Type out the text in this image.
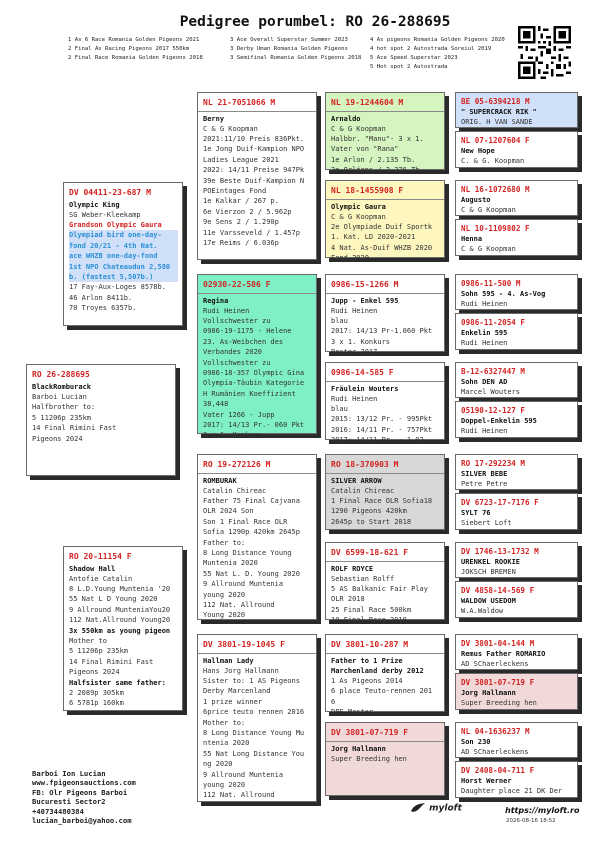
Pedigree porumbel: RO 26-288695
1 As 6 Race Romania Golden Pigeons 2021
2 Final As Racing Pigeons 2017 550km
2 Final Race Romania Golden Pigeons 2018
3 Ace Overall Superstar Summer 2023
3 Derby Uman Romania Golden Pigeons
3 Semifinal Romania Golden Pigeons 2018
4 As pigeons Romania Golden Pigeons 2020
4 hot spot 2 Autostrada Soreiul 2019
5 Ace Speed Superstar 2023
5 Hot spot 2 Autostrada
RO 26-288695
BlackRomburack
Barboi Lucian
Halfbrother to:
5 11206p 235km
14 Final Rimini Fast
Pigeons 2024
DV 04411-23-687 M
Olympic King
SG Weber-Kleekamp
Grandson Olympic Gaura
Olympiad bird one-day-
fond 20/21 - 4th Nat.
ace WHZB one-day-fond
1st NPO Chateaudun 2,580
b. (fastest 5,507b.)
17 Fay-Aux-Loges 8578b.
46 Arlon 8411b.
70 Troyes 6357b.
RO 20-11154 F
Shadow Hall
Antofie Catalin
8 L.D.Young Muntenia '20
55 Nat L D Young 2020
9 Allround MunteniaYou20
112 Nat.Allround Young20
3x 550km as young pigeon
Mother to
5 11206p 235km
14 Final Rimini Fast
Pigeons 2024
Halfsister same father:
2 2089p 305km
6 5781p 160km
NL 21-7051066 M
Berny
C & G Koopman
2021:11/10 Preis 836Pkt.
1e Jong Duif-Kampion NPO
Ladies League 2021
2022: 14/11 Preise 947Pk
39e Beste Duif-Kampion N
POEintages Fond
1e Kalkar / 267 p.
6e Vierzon 2 / 5.962p
9e Sens 2 / 1.290p
11e Varsseveld / 1.457p
17e Reims / 6.036p
02930-22-586 F
Regina
Rudi Heinen
Vollschwester zu
0986-19-1175 - Helene
23. As-Weibchen des
Verbandes 2020
Vollschwester zu
0986-18-357 Olympic Gina
Olympia-Täubin Kategorie
H Rumänien Koeffizient
38,448
Vater 1266 - Jupp
2017: 14/13 Pr.- 060 Pkt
3 x 1. Konkurs
RO 19-272126 M
ROMBURAK
Catalin Chireac
Father 75 Final Cajvana
OLR 2024 Son
Son 1 Final Race OLR
Sofia 1290p 420km 2645p
Father to:
8 Long Distance Young
Muntenia 2020
55 Nat L. D. Young 2020
9 Allround Muntenia
young 2020
112 Nat. Allround
Young 2020
DV 3801-19-1045 F
Hallman Lady
Hans Jorg Hallmann
Sister to: 1 AS Pigeons
Derby Marcenland
1 prize winner
6price teuto rennen 2016
Mother to:
8 Long Distance Young Mu
ntenia 2020
55 Nat Long Distance You
ng 2020
9 Allround Muntenia
young 2020
112 Nat. Allround
NL 19-1244604 M
Arnaldo
C & G Koopman
Halbbr. "Manu"- 3 x 1.
Vater von "Rana"
1e Arlon / 2.135 Tb.
2e Orléans / 2.276 Tb.
NL 18-1455908 F
Olympic Gaura
C & G Koopman
2e Olympiade Duif Sportk
1. Kat. LD 2020-2021
4 Nat. As-Duif WHZB 2020
Fond 2020
0986-15-1266 M
Jupp - Enkel 595
Rudi Heinen
blau
2017: 14/13 Pr-1.060 Pkt
3 x 1. Konkurs
Bester 2017
0986-14-585 F
Fräulein Wouters
Rudi Heinen
blau
2015: 13/12 Pr. - 995Pkt
2016: 14/11 Pr. - 757Pkt
2017: 14/11 Pr. - 1.02
RO 18-370903 M
SILVER ARROW
Catalin Chireac
1 Final Race OLR Sofia18
1290 Pigeons 420km
2645p to Start 2018
DV 6599-18-621 F
ROLF ROYCE
Sebastian Rolff
5 AS Balkanic Fair Play
OLR 2018
25 Final Race 500km
10 Final Race 2018
DV 3801-10-287 M
Father to 1 Prize Marchenland derby 2012
1 As Pigeons 2014
6 place Teuto-rennen 201
6
DPF Master
DV 3801-07-719 F
Jorg Hallmann
Super Breeding hen
BE 05-6394218 M
" SUPERCRACK RIK "
ORIG. H VAN SANDE
NL 07-1207604 F
New Hope
C. & G. Koopman
NL 16-1072680 M
Augusto
C & G Koopman
NL 10-1109802 F
Henna
C & G Koopman
0986-11-500 M
Sohn 595 - 4. As-Vog
Rudi Heinen
0986-11-2054 F
Enkelin 595
Rudi Heinen
B-12-6327447 M
Sohn DEN AD
Marcel Wouters
05190-12-127 F
Doppel-Enkelin 595
Rudi Heinen
RO 17-292234 M
SILVER BEBE
Petre Petre
DV 6723-17-7176 F
SYLT 76
Siebert Loft
DV 1746-13-1732 M
URENKEL ROOKIE
JOKSCH BREMEN
DV 4858-14-569 F
WALDOW USEDOM
W.A.Waldow
DV 3801-04-144 M
Remus Father ROMARIO
AD SChaerleckens
DV 3801-07-719 F
Jorg Hallmann
Super Breeding hen
NL 04-1636237 M
Son 230
AD SChaerleckens
DV 2408-04-711 F
Horst Werner
Daughter place 21 DK Der
Barboi Ion Lucian
www.fpigeonsauctions.com
FB: Olr Pigeons Barboi
Bucuresti Sector2
+40734480384
lucian_barboi@yahoo.com
myloft	https://myloft.ro
2026-08-16 18:52
